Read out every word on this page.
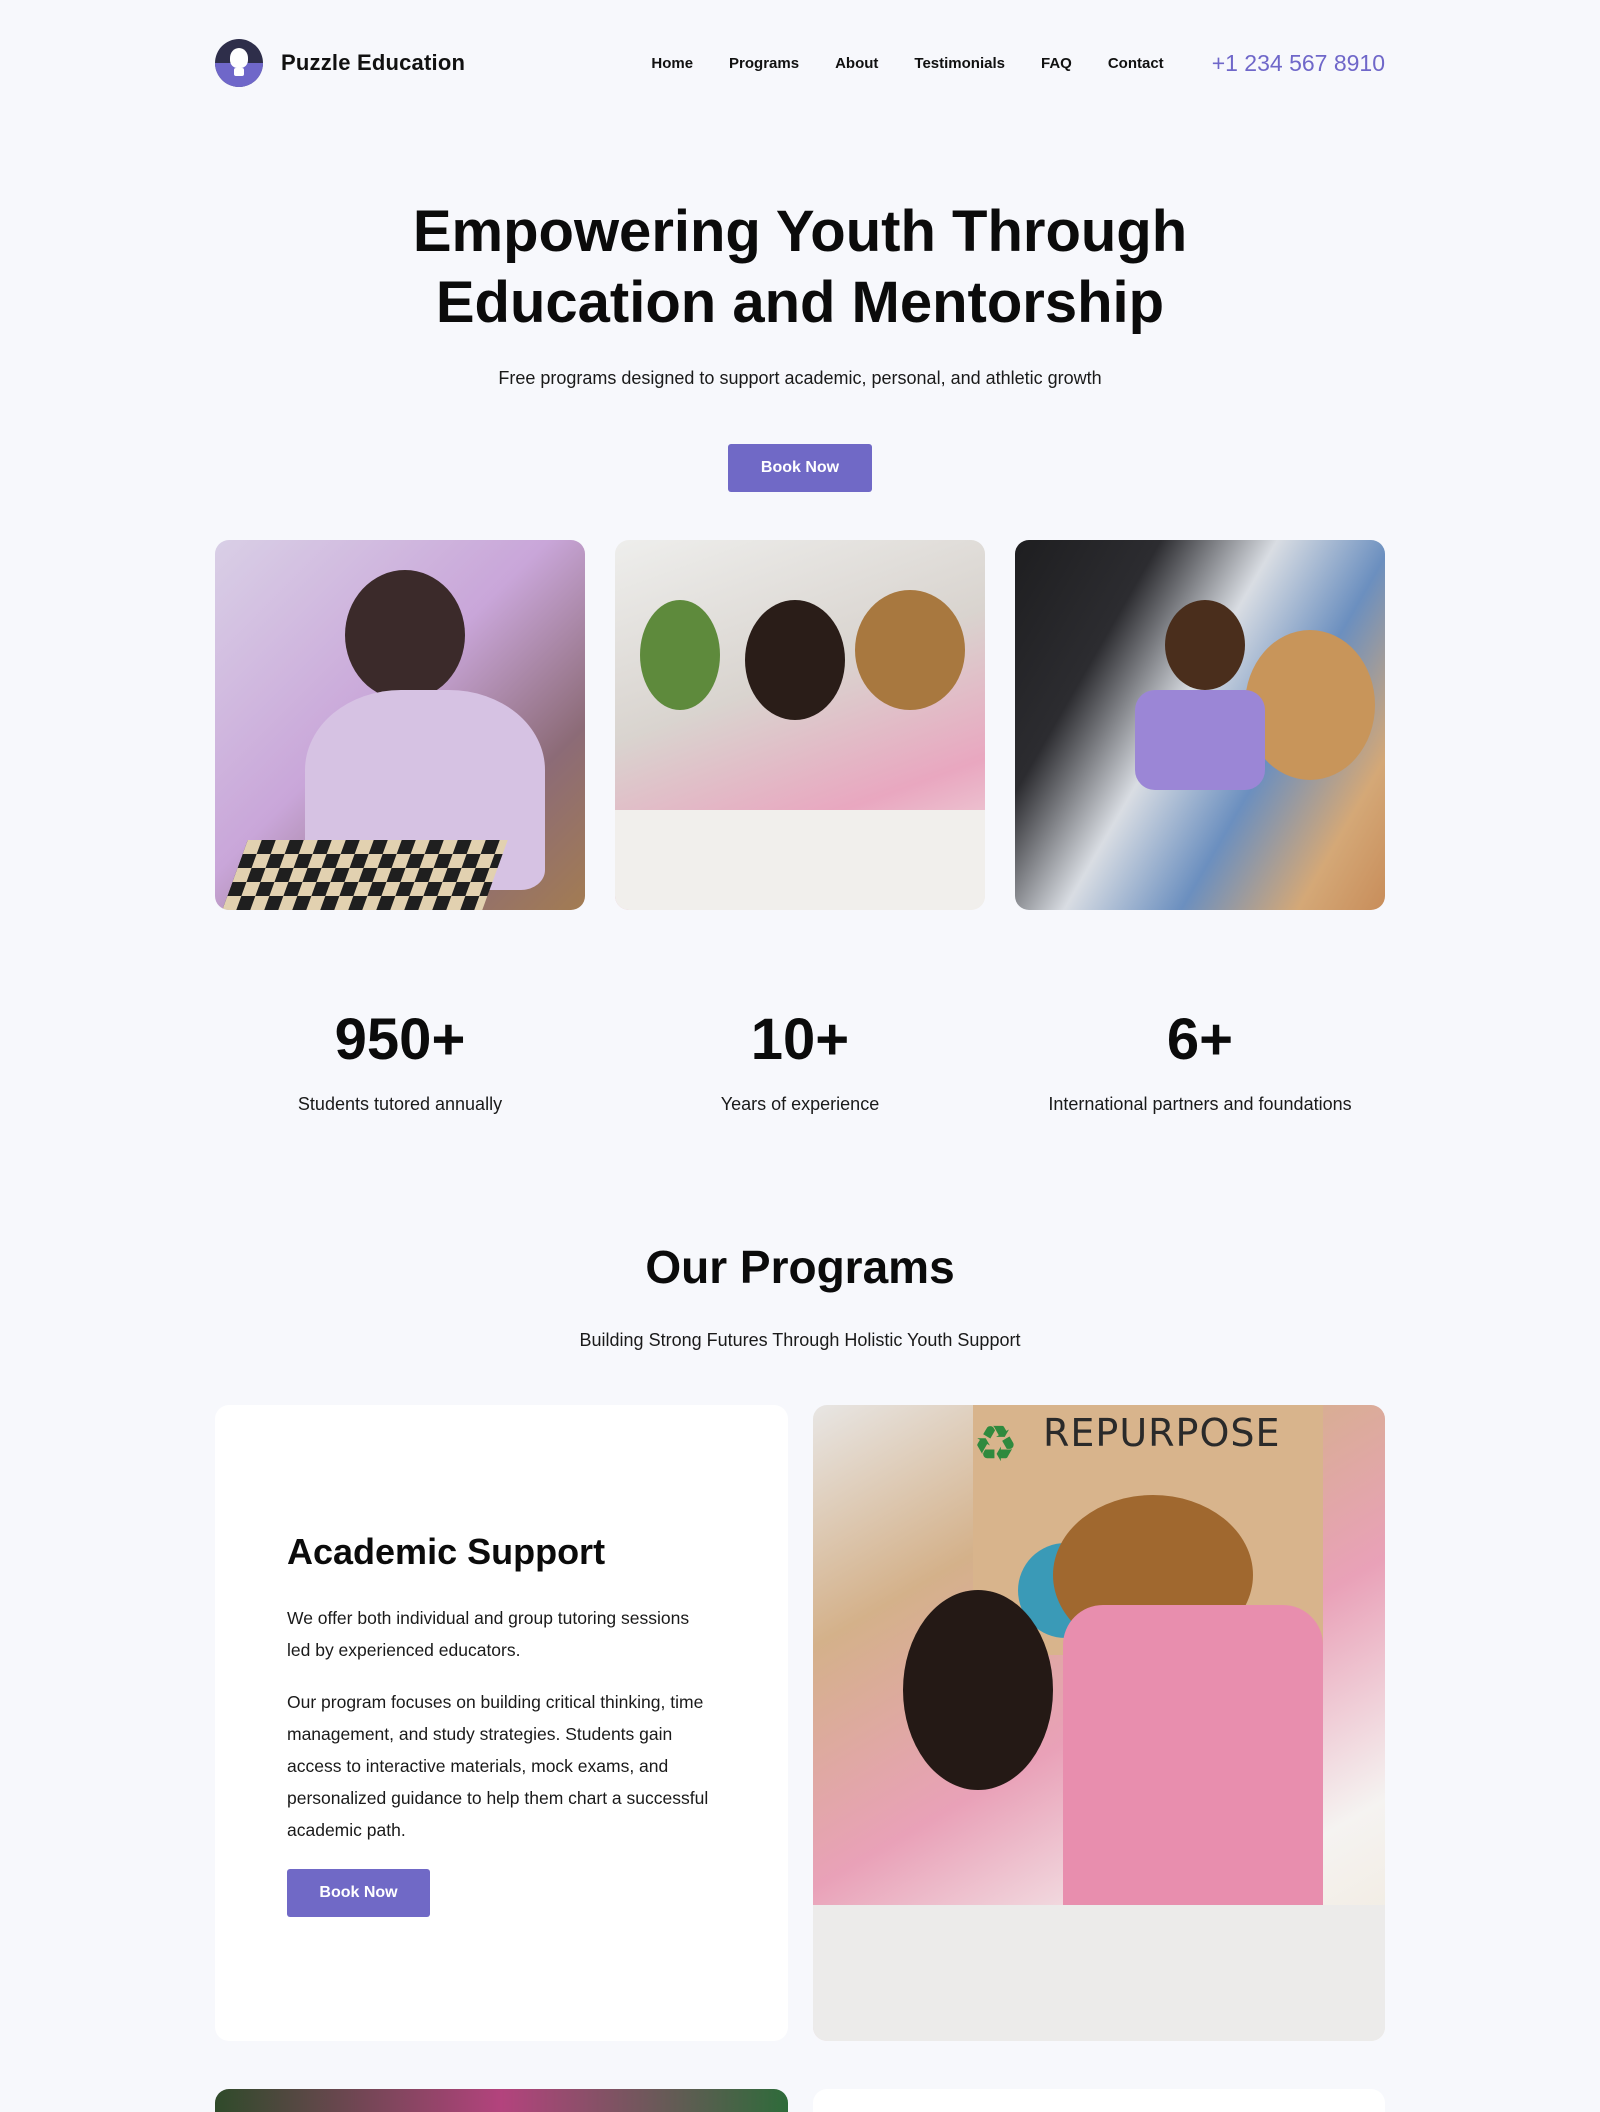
Puzzle Education	Home Programs About Testimonials FAQ Contact +1 234 567 8910
Empowering Youth Through
Education and Mentorship

Free programs designed to support academic, personal, and athletic growth

Book Now
950+
Students tutored annually
10+
Years of experience
6+
International partners and foundations
Our Programs

Building Strong Futures Through Holistic Youth Support

Academic Support

We offer both individual and group tutoring sessions led by experienced educators.

Our program focuses on building critical thinking, time management, and study strategies. Students gain access to interactive materials, mock exams, and personalized guidance to help them chart a successful academic path.

Book Now
♻ REPURPOSE
